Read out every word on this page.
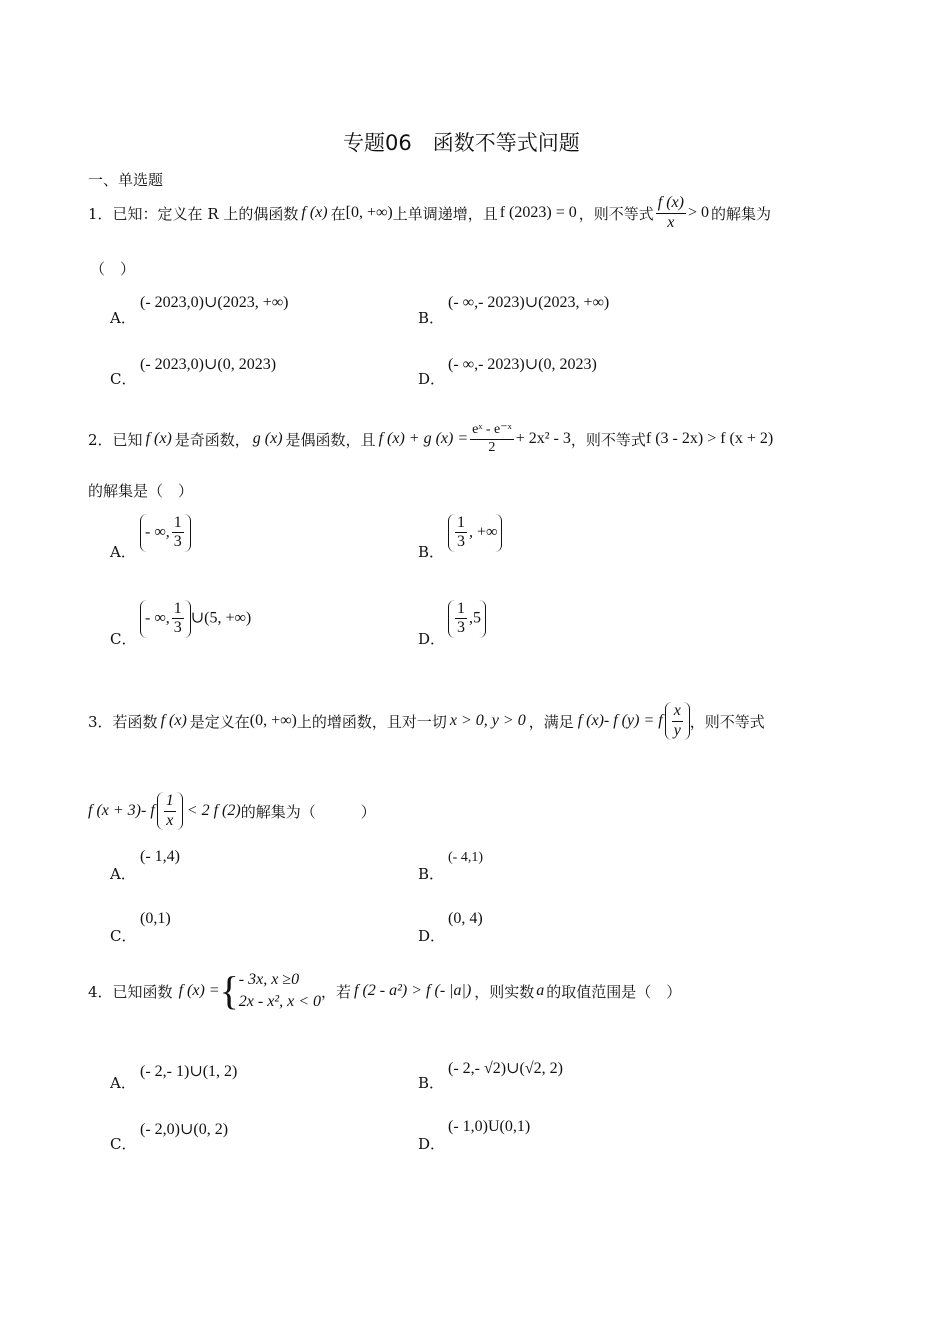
专题06　函数不等式问题
一、单选题
1． 已知：定义在 R 上的偶函数 f (x) 在 [0, +∞) 上单调递增，且 f (2023) = 0 ，则不等式 $\frac{f (x)}{x} > 0$ 的解集为
（　）
A．
(- 2023,0)∪(2023, +∞)
B．
(- ∞,- 2023)∪(2023, +∞)
C．
(- 2023,0)∪(0, 2023)
D．
(- ∞,- 2023)∪(0, 2023)
2． 已知 f (x) 是奇函数， g (x) 是偶函数，且 f (x) + g $(x) = \frac{\text{eˣ - e⁻ˣ}}{2} + 2x^2 - 3$ ，则不等式 f (3 - 2x) > f (x + 2)
的解集是（　）
A．
- ∞, $\frac{1}{3}$
B．
$\frac{1}{3}$ , +∞
C．
- ∞, $\frac{1}{3}$ ∪(5, +∞)
D．
$\frac{1}{3} ,5$
3． 若函数 f (x) 是定义在 (0, +∞) 上的增函数，且对一切 x > 0, y > 0 ，满足 f (x)- f (y) = f $\frac{x}{y}$ ，则不等式
f (x + 3)- f $\frac{1}{x} < 2$ f (2) 的解集为（　　　）
A．
(- 1,4)
B．
(- 4,1)
C．
(0,1)
D．
(0, 4)
4． 已知函数 f (x) = { - 3x, x ≥0
2x - x², x < 0
，若 f (2 - a²) > f (- |a|) ，则实数 a 的取值范围是（　）
A．
(- 2,- 1)∪(1, 2)
B．
(- 2,- √2)∪(√2, 2)
C．
(- 2,0)∪(0, 2)
D．
(- 1,0)U(0,1)
